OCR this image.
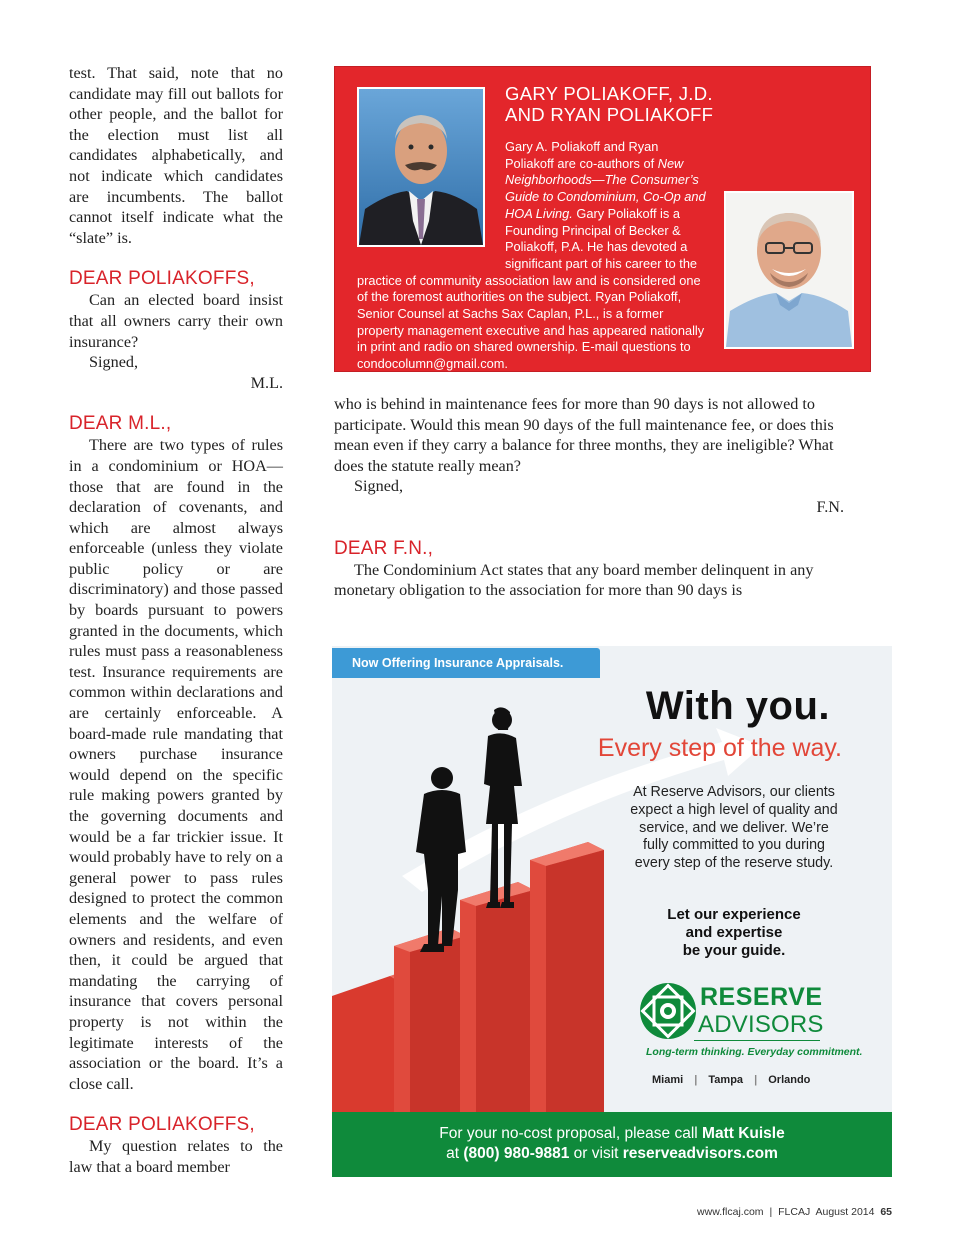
test. That said, note that no candidate may fill out ballots for other people, and the ballot for the election must list all candidates alphabetically, and not indicate which candidates are incumbents. The ballot cannot itself indicate what the “slate” is.

DEAR POLIAKOFFS,

Can an elected board insist that all owners carry their own insurance?

Signed,

M.L.

DEAR M.L.,

There are two types of rules in a condominium or HOA—those that are found in the declaration of covenants, and which are almost always enforceable (unless they violate public policy or are discriminatory) and those passed by boards pursuant to powers granted in the documents, which rules must pass a reasonableness test. Insurance requirements are common within declarations and are certainly enforceable. A board-made rule mandating that owners purchase insurance would depend on the specific rule making powers granted by the governing documents and would be a far trickier issue. It would probably have to rely on a general power to pass rules designed to protect the common elements and the welfare of owners and residents, and even then, it could be argued that mandating the carrying of insurance that covers personal property is not within the legitimate interests of the association or the board. It’s a close call.

DEAR POLIAKOFFS,

My question relates to the law that a board member

GARY POLIAKOFF, J.D.
AND RYAN POLIAKOFF
Gary A. Poliakoff and Ryan Poliakoff are co-authors of New Neighborhoods—The Consumer’s Guide to Condominium, Co-Op and HOA Living. Gary Poliakoff is a Founding Principal of Becker & Poliakoff, P.A. He has devoted a significant part of his career to the practice of community association law and is considered one of the foremost authorities on the subject. Ryan Poliakoff, Senior Counsel at Sachs Sax Caplan, P.L., is a former property management executive and has appeared nationally in print and radio on shared ownership. E-mail questions to condocolumn@gmail.com.

who is behind in maintenance fees for more than 90 days is not allowed to participate. Would this mean 90 days of the full maintenance fee, or does this mean even if they carry a balance for three months, they are ineligible? What does the statute really mean?

Signed,

F.N.

DEAR F.N.,

The Condominium Act states that any board member delinquent in any monetary obligation to the association for more than 90 days is

Now Offering Insurance Appraisals.
With you.
Every step of the way.
At Reserve Advisors, our clients expect a high level of quality and service, and we deliver. We’re fully committed to you during every step of the reserve study.
Let our experience
and expertise
be your guide.
RESERVE
ADVISORS
Long-term thinking. Everyday commitment.
Miami | Tampa | Orlando
For your no-cost proposal, please call Matt Kuisle
at (800) 980-9881 or visit reserveadvisors.com
www.flcaj.com | FLCAJ August 2014 65
